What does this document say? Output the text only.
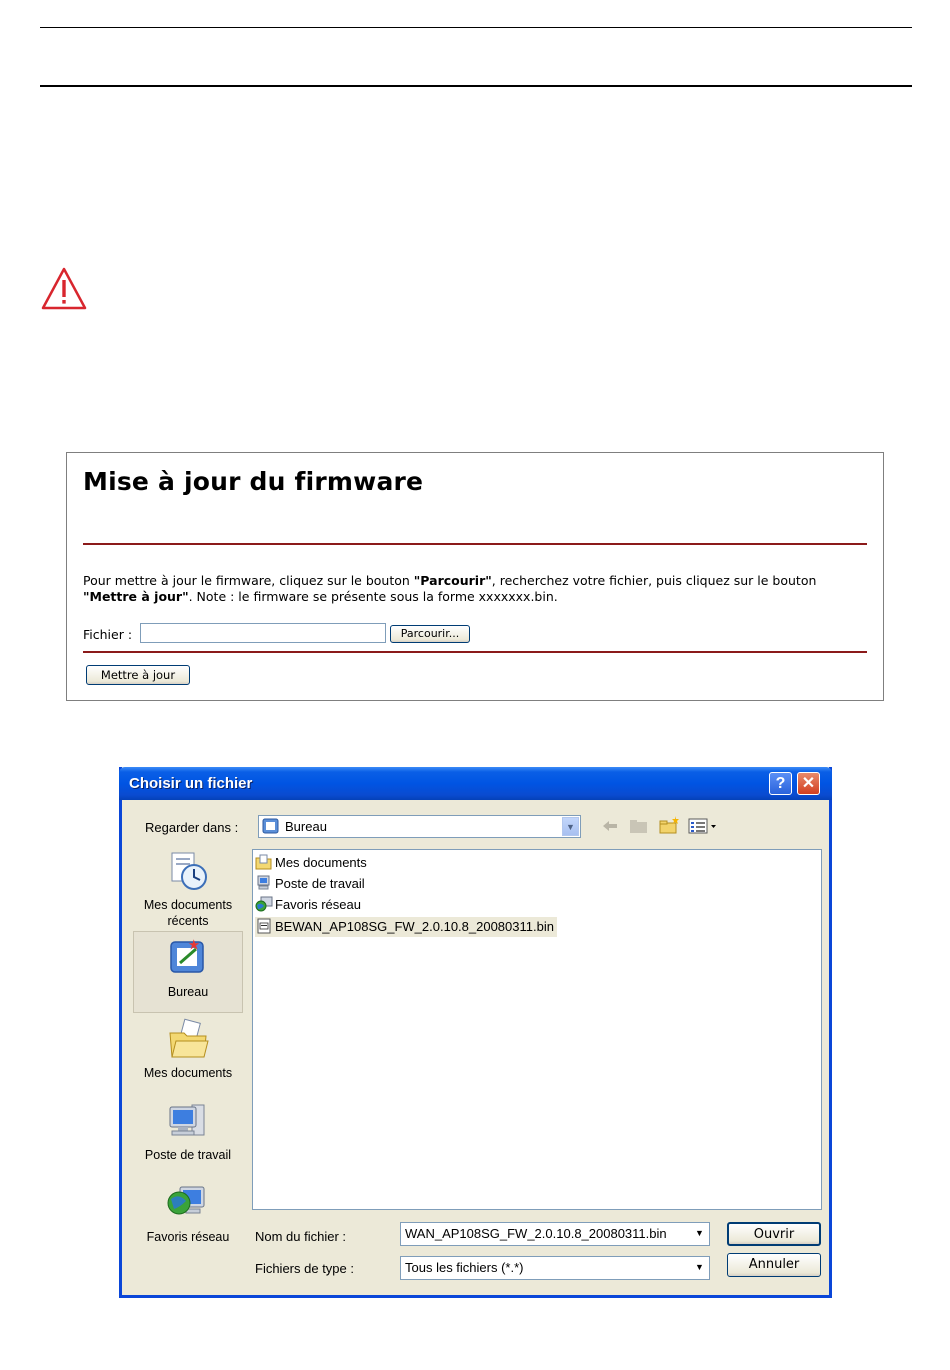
Mise à jour du firmware
Pour mettre à jour le firmware, cliquez sur le bouton "Parcourir", recherchez votre fichier, puis cliquez sur le bouton "Mettre à jour". Note : le firmware se présente sous la forme xxxxxxx.bin.
Fichier :	Parcourir...
Mettre à jour
Choisir un fichier	?	✕
Regarder dans :	Bureau	▼
Mes documents récents
Bureau
Mes documents
Poste de travail
Favoris réseau
Mes documents
Poste de travail
Favoris réseau
BEWAN_AP108SG_FW_2.0.10.8_20080311.bin
Nom du fichier :	WAN_AP108SG_FW_2.0.10.8_20080311.bin	▼
Fichiers de type :	Tous les fichiers (*.*)	▼
Ouvrir
Annuler
